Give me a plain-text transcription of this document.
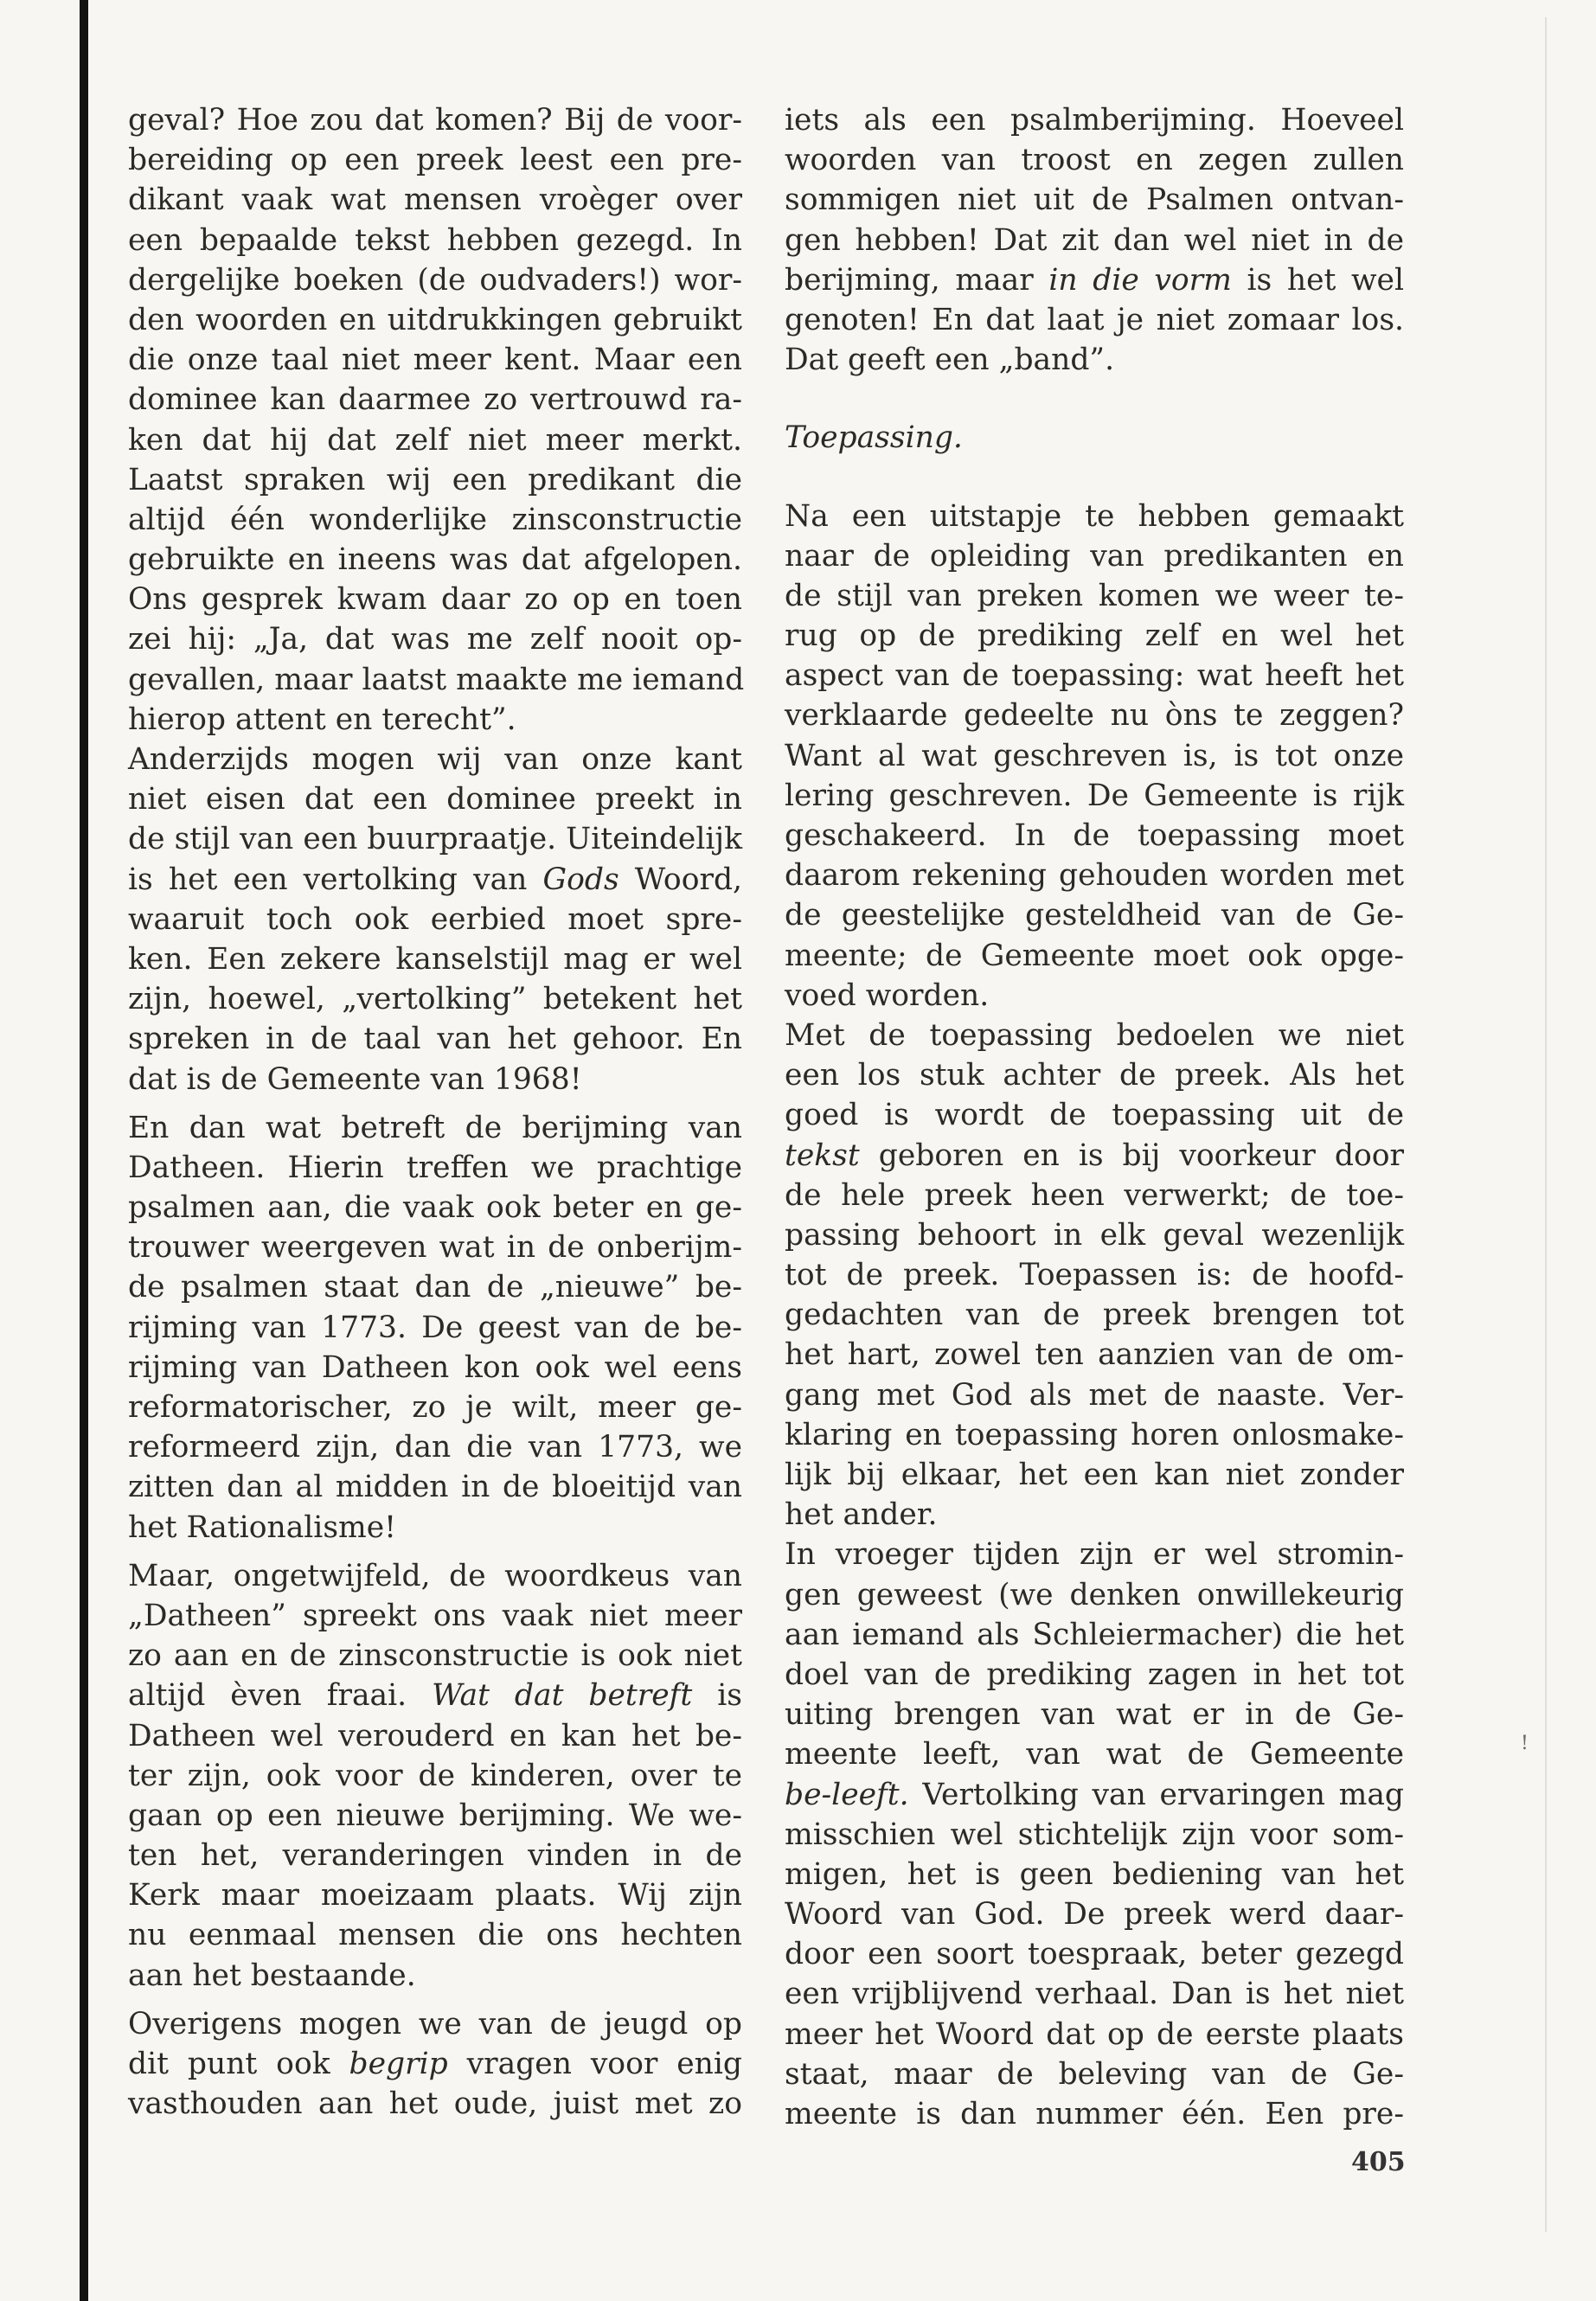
geval? Hoe zou dat komen? Bij de voor-
bereiding op een preek leest een pre-
dikant vaak wat mensen vroèger over
een bepaalde tekst hebben gezegd. In
dergelijke boeken (de oudvaders!) wor-
den woorden en uitdrukkingen gebruikt
die onze taal niet meer kent. Maar een
dominee kan daarmee zo vertrouwd ra-
ken dat hij dat zelf niet meer merkt.
Laatst spraken wij een predikant die
altijd één wonderlijke zinsconstructie
gebruikte en ineens was dat afgelopen.
Ons gesprek kwam daar zo op en toen
zei hij: „Ja, dat was me zelf nooit op-
gevallen, maar laatst maakte me iemand
hierop attent en terecht”.
Anderzijds mogen wij van onze kant
niet eisen dat een dominee preekt in
de stijl van een buurpraatje. Uiteindelijk
is het een vertolking van Gods Woord,
waaruit toch ook eerbied moet spre-
ken. Een zekere kanselstijl mag er wel
zijn, hoewel, „vertolking” betekent het
spreken in de taal van het gehoor. En
dat is de Gemeente van 1968!
En dan wat betreft de berijming van
Datheen. Hierin treffen we prachtige
psalmen aan, die vaak ook beter en ge-
trouwer weergeven wat in de onberijm-
de psalmen staat dan de „nieuwe” be-
rijming van 1773. De geest van de be-
rijming van Datheen kon ook wel eens
reformatorischer, zo je wilt, meer ge-
reformeerd zijn, dan die van 1773, we
zitten dan al midden in de bloeitijd van
het Rationalisme!
Maar, ongetwijfeld, de woordkeus van
„Datheen” spreekt ons vaak niet meer
zo aan en de zinsconstructie is ook niet
altijd èven fraai. Wat dat betreft is
Datheen wel verouderd en kan het be-
ter zijn, ook voor de kinderen, over te
gaan op een nieuwe berijming. We we-
ten het, veranderingen vinden in de
Kerk maar moeizaam plaats. Wij zijn
nu eenmaal mensen die ons hechten
aan het bestaande.
Overigens mogen we van de jeugd op
dit punt ook begrip vragen voor enig
vasthouden aan het oude, juist met zo
iets als een psalmberijming. Hoeveel
woorden van troost en zegen zullen
sommigen niet uit de Psalmen ontvan-
gen hebben! Dat zit dan wel niet in de
berijming, maar in die vorm is het wel
genoten! En dat laat je niet zomaar los.
Dat geeft een „band”.
Toepassing.
Na een uitstapje te hebben gemaakt
naar de opleiding van predikanten en
de stijl van preken komen we weer te-
rug op de prediking zelf en wel het
aspect van de toepassing: wat heeft het
verklaarde gedeelte nu òns te zeggen?
Want al wat geschreven is, is tot onze
lering geschreven. De Gemeente is rijk
geschakeerd. In de toepassing moet
daarom rekening gehouden worden met
de geestelijke gesteldheid van de Ge-
meente; de Gemeente moet ook opge-
voed worden.
Met de toepassing bedoelen we niet
een los stuk achter de preek. Als het
goed is wordt de toepassing uit de
tekst geboren en is bij voorkeur door
de hele preek heen verwerkt; de toe-
passing behoort in elk geval wezenlijk
tot de preek. Toepassen is: de hoofd-
gedachten van de preek brengen tot
het hart, zowel ten aanzien van de om-
gang met God als met de naaste. Ver-
klaring en toepassing horen onlosmake-
lijk bij elkaar, het een kan niet zonder
het ander.
In vroeger tijden zijn er wel stromin-
gen geweest (we denken onwillekeurig
aan iemand als Schleiermacher) die het
doel van de prediking zagen in het tot
uiting brengen van wat er in de Ge-
meente leeft, van wat de Gemeente
be-leeft. Vertolking van ervaringen mag
misschien wel stichtelijk zijn voor som-
migen, het is geen bediening van het
Woord van God. De preek werd daar-
door een soort toespraak, beter gezegd
een vrijblijvend verhaal. Dan is het niet
meer het Woord dat op de eerste plaats
staat, maar de beleving van de Ge-
meente is dan nummer één. Een pre-
!
405
